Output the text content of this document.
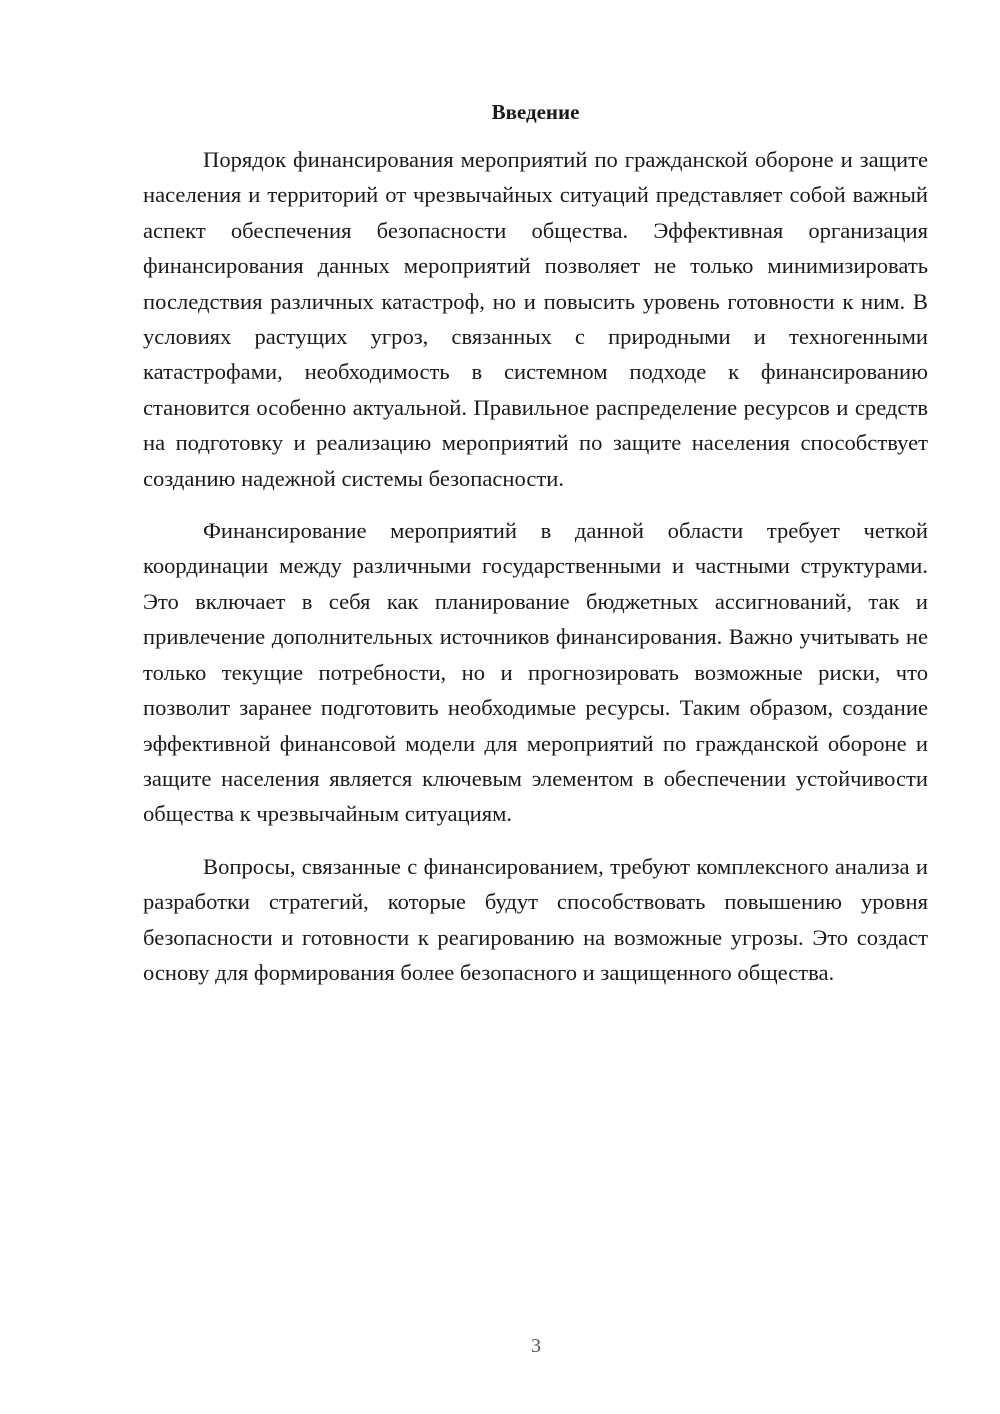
Введение

Порядок финансирования мероприятий по гражданской обороне и защите населения и территорий от чрезвычайных ситуаций представляет собой важный аспект обеспечения безопасности общества. Эффективная организация финансирования данных мероприятий позволяет не только минимизировать последствия различных катастроф, но и повысить уровень готовности к ним. В условиях растущих угроз, связанных с природными и техногенными катастрофами, необходимость в системном подходе к финансированию становится особенно актуальной. Правильное распределение ресурсов и средств на подготовку и реализацию мероприятий по защите населения способствует созданию надежной системы безопасности.

Финансирование мероприятий в данной области требует четкой координации между различными государственными и частными структурами. Это включает в себя как планирование бюджетных ассигнований, так и привлечение дополнительных источников финансирования. Важно учитывать не только текущие потребности, но и прогнозировать возможные риски, что позволит заранее подготовить необходимые ресурсы. Таким образом, создание эффективной финансовой модели для мероприятий по гражданской обороне и защите населения является ключевым элементом в обеспечении устойчивости общества к чрезвычайным ситуациям.

Вопросы, связанные с финансированием, требуют комплексного анализа и разработки стратегий, которые будут способствовать повышению уровня безопасности и готовности к реагированию на возможные угрозы. Это создаст основу для формирования более безопасного и защищенного общества.

3
